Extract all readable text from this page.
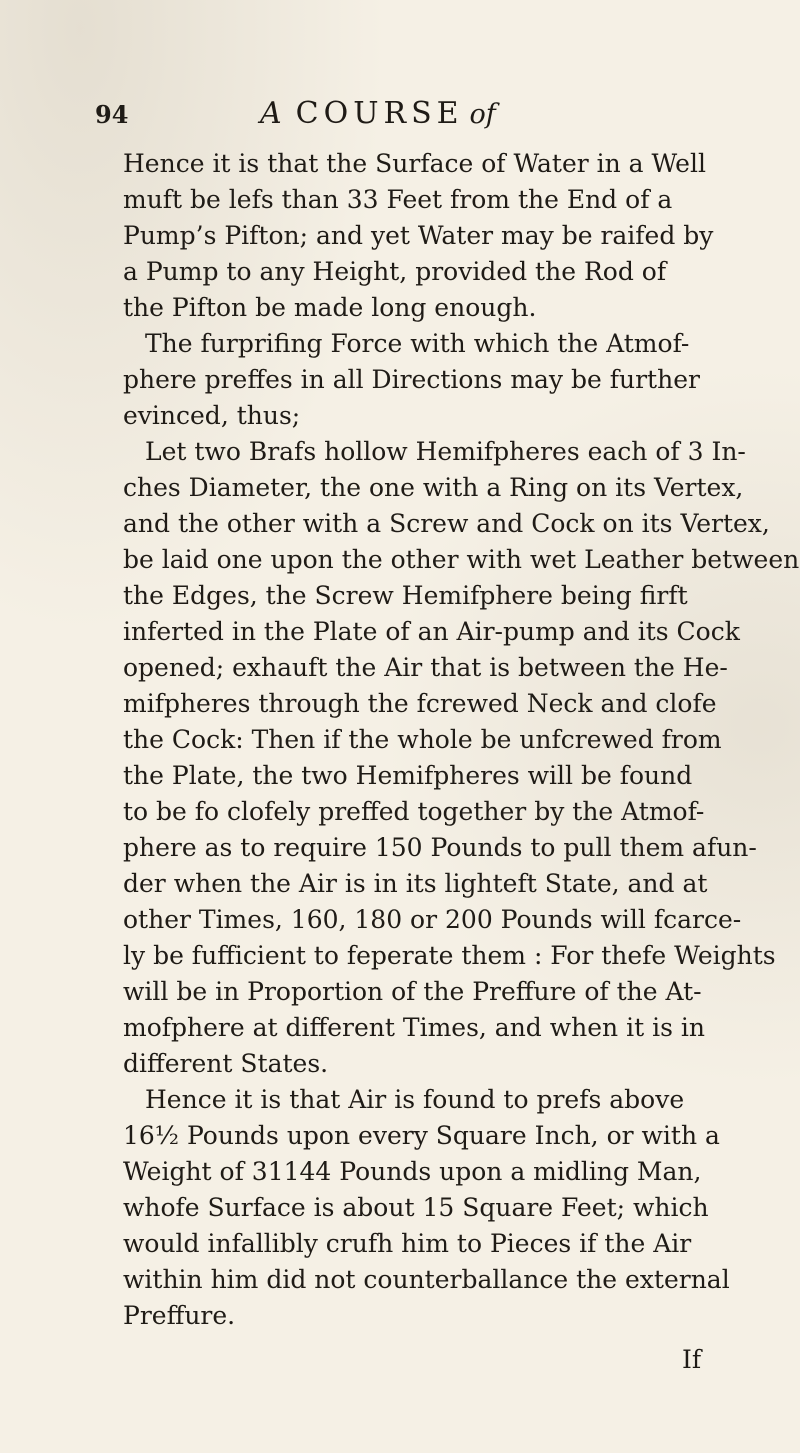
94	A COURSE of
Hence it is that the Surface of Water in a Well
muft be lefs than 33 Feet from the End of a
Pump’s Pifton; and yet Water may be raifed by
a Pump to any Height, provided the Rod of
the Pifton be made long enough.
The furprifing Force with which the Atmof-
phere preffes in all Directions may be further
evinced, thus;
Let two Brafs hollow Hemifpheres each of 3 In-
ches Diameter, the one with a Ring on its Vertex,
and the other with a Screw and Cock on its Vertex,
be laid one upon the other with wet Leather between
the Edges, the Screw Hemifphere being firft
inferted in the Plate of an Air-pump and its Cock
opened; exhauft the Air that is between the He-
mifpheres through the fcrewed Neck and clofe
the Cock: Then if the whole be unfcrewed from
the Plate, the two Hemifpheres will be found
to be fo clofely preffed together by the Atmof-
phere as to require 150 Pounds to pull them afun-
der when the Air is in its lighteft State, and at
other Times, 160, 180 or 200 Pounds will fcarce-
ly be fufficient to feperate them : For thefe Weights
will be in Proportion of the Preffure of the At-
mofphere at different Times, and when it is in
different States.
Hence it is that Air is found to prefs above
16½ Pounds upon every Square Inch, or with a
Weight of 31144 Pounds upon a midling Man,
whofe Surface is about 15 Square Feet; which
would infallibly crufh him to Pieces if the Air
within him did not counterballance the external
Preffure.
If
